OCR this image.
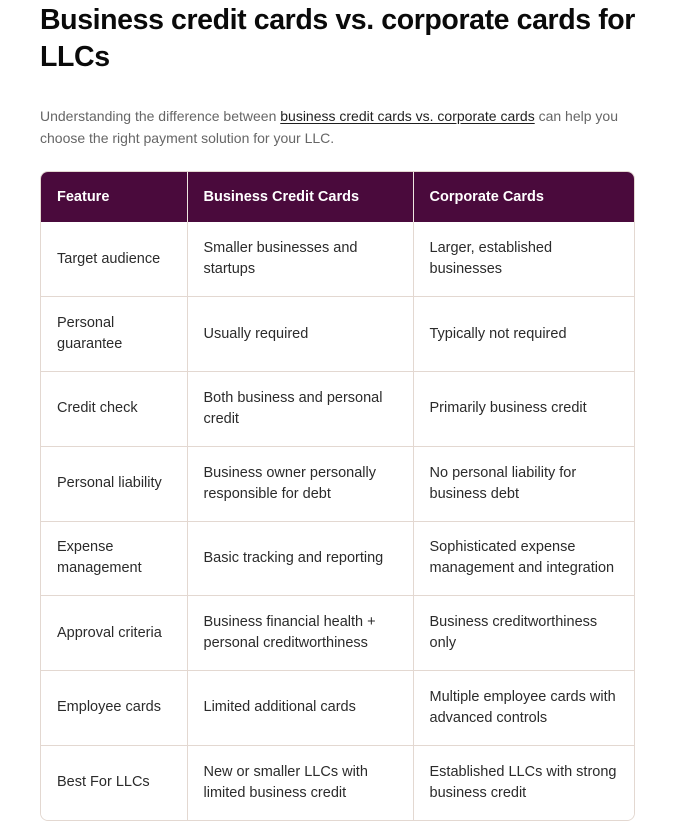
Business credit cards vs. corporate cards for LLCs

Understanding the difference between business credit cards vs. corporate cards can help you choose the right payment solution for your LLC.

Feature	Business Credit Cards	Corporate Cards
Target audience	Smaller businesses and startups	Larger, established businesses
Personal guarantee	Usually required	Typically not required
Credit check	Both business and personal credit	Primarily business credit
Personal liability	Business owner personally responsible for debt	No personal liability for business debt
Expense management	Basic tracking and reporting	Sophisticated expense management and integration
Approval criteria	Business financial health + personal creditworthiness	Business creditworthiness only
Employee cards	Limited additional cards	Multiple employee cards with advanced controls
Best For LLCs	New or smaller LLCs with limited business credit	Established LLCs with strong business credit
